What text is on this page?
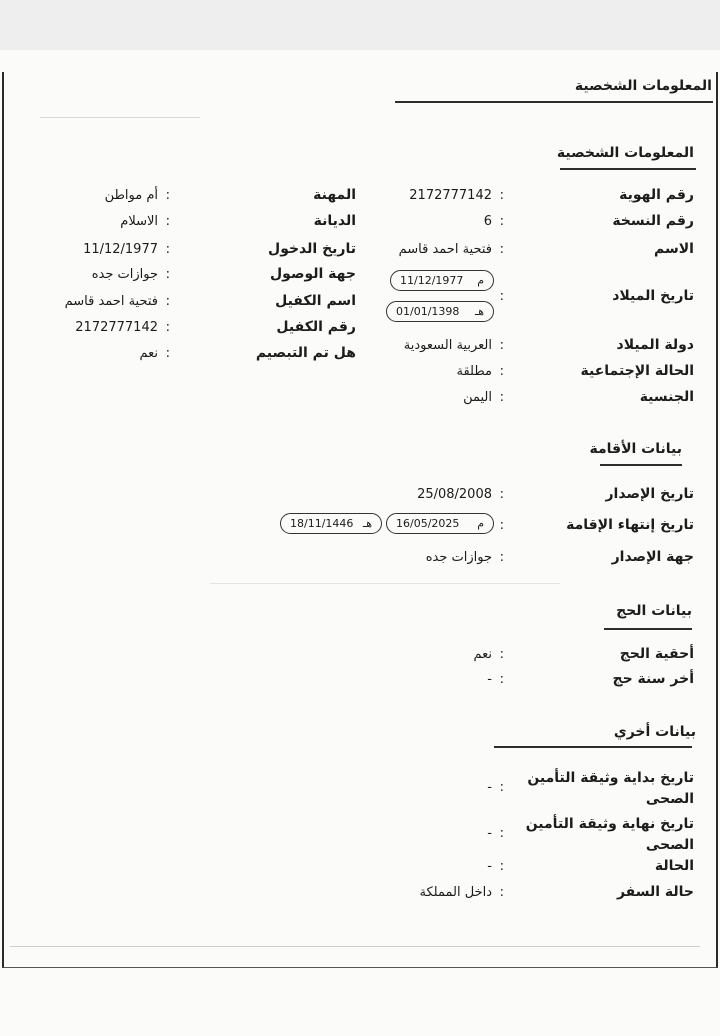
المعلومات الشخصية
المعلومات الشخصية
رقم الهوية
:
2172777142
رقم النسخة
:
6
الاسم
:
فتحية احمد قاسم
تاريخ الميلاد
:
11/12/1977 م
01/01/1398 هـ
دولة الميلاد
:
العربية السعودية
الحالة الإجتماعية
:
مطلقة
الجنسية
:
اليمن
المهنة
:
أم مواطن
الديانة
:
الاسلام
تاريخ الدخول
:
11/12/1977
جهة الوصول
:
جوازات جده
اسم الكفيل
:
فتحية احمد قاسم
رقم الكفيل
:
2172777142
هل تم التبصيم
:
نعم
بيانات الأقامة
تاريخ الإصدار
:
25/08/2008
تاريخ إنتهاء الإقامة
:
16/05/2025 م
18/11/1446 هـ
جهة الإصدار
:
جوازات جده
بيانات الحج
أحقية الحج
:
نعم
أخر سنة حج
:
-
بيانات أخري
تاريخ بداية وثيقة التأمين
الصحى
:
-
تاريخ نهاية وثيقة التأمين
الصحى
:
-
الحالة
:
-
حالة السفر
:
داخل المملكة
